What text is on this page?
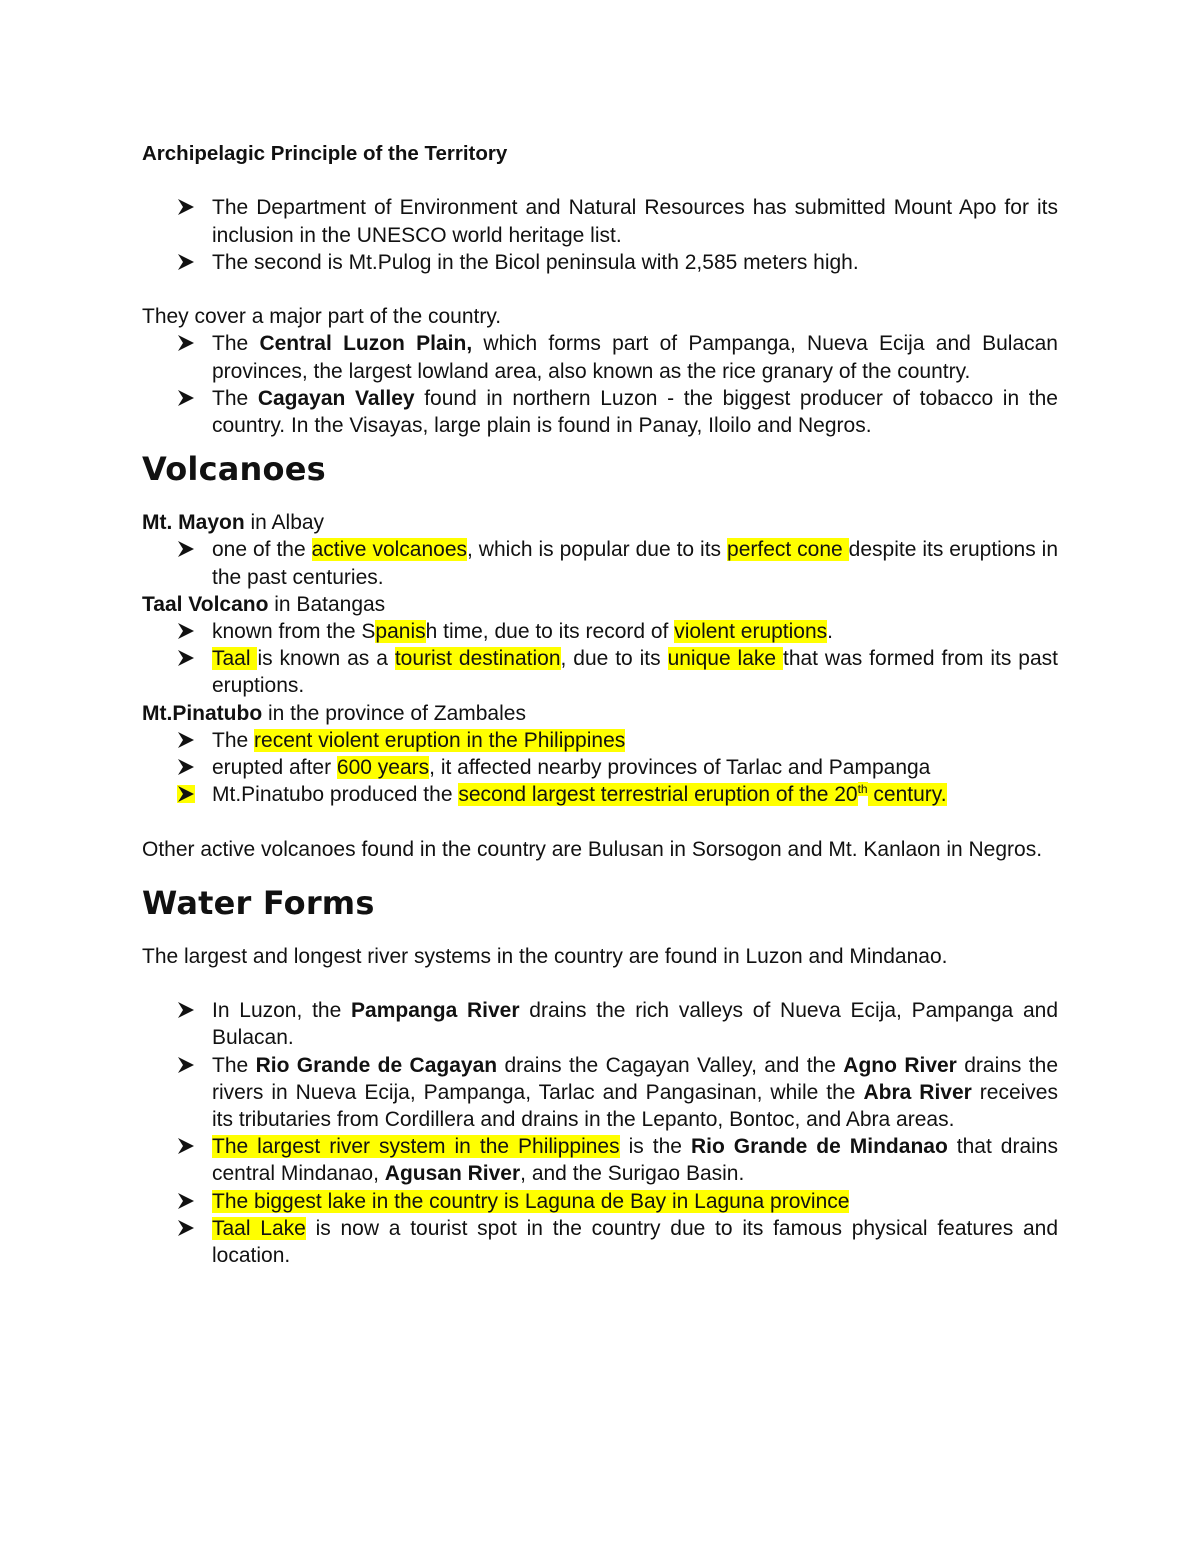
Archipelagic Principle of the Territory

The Department of Environment and Natural Resources has submitted Mount Apo for its inclusion in the UNESCO world heritage list.
The second is Mt.Pulog in the Bicol peninsula with 2,585 meters high.

They cover a major part of the country.

The Central Luzon Plain, which forms part of Pampanga, Nueva Ecija and Bulacan provinces, the largest lowland area, also known as the rice granary of the country.
The Cagayan Valley found in northern Luzon - the biggest producer of tobacco in the country. In the Visayas, large plain is found in Panay, Iloilo and Negros.
Volcanoes

Mt. Mayon in Albay

one of the active volcanoes, which is popular due to its perfect cone despite its eruptions in the past centuries.

Taal Volcano in Batangas

known from the Spanish time, due to its record of violent eruptions.
Taal is known as a tourist destination, due to its unique lake that was formed from its past eruptions.

Mt.Pinatubo in the province of Zambales

The recent violent eruption in the Philippines
erupted after 600 years, it affected nearby provinces of Tarlac and Pampanga
Mt.Pinatubo produced the second largest terrestrial eruption of the 20th century.

Other active volcanoes found in the country are Bulusan in Sorsogon and Mt. Kanlaon in Negros.

Water Forms

The largest and longest river systems in the country are found in Luzon and Mindanao.

In Luzon, the Pampanga River drains the rich valleys of Nueva Ecija, Pampanga and Bulacan.
The Rio Grande de Cagayan drains the Cagayan Valley, and the Agno River drains the rivers in Nueva Ecija, Pampanga, Tarlac and Pangasinan, while the Abra River receives its tributaries from Cordillera and drains in the Lepanto, Bontoc, and Abra areas.
The largest river system in the Philippines is the Rio Grande de Mindanao that drains central Mindanao, Agusan River, and the Surigao Basin.
The biggest lake in the country is Laguna de Bay in Laguna province
Taal Lake is now a tourist spot in the country due to its famous physical features and location.
